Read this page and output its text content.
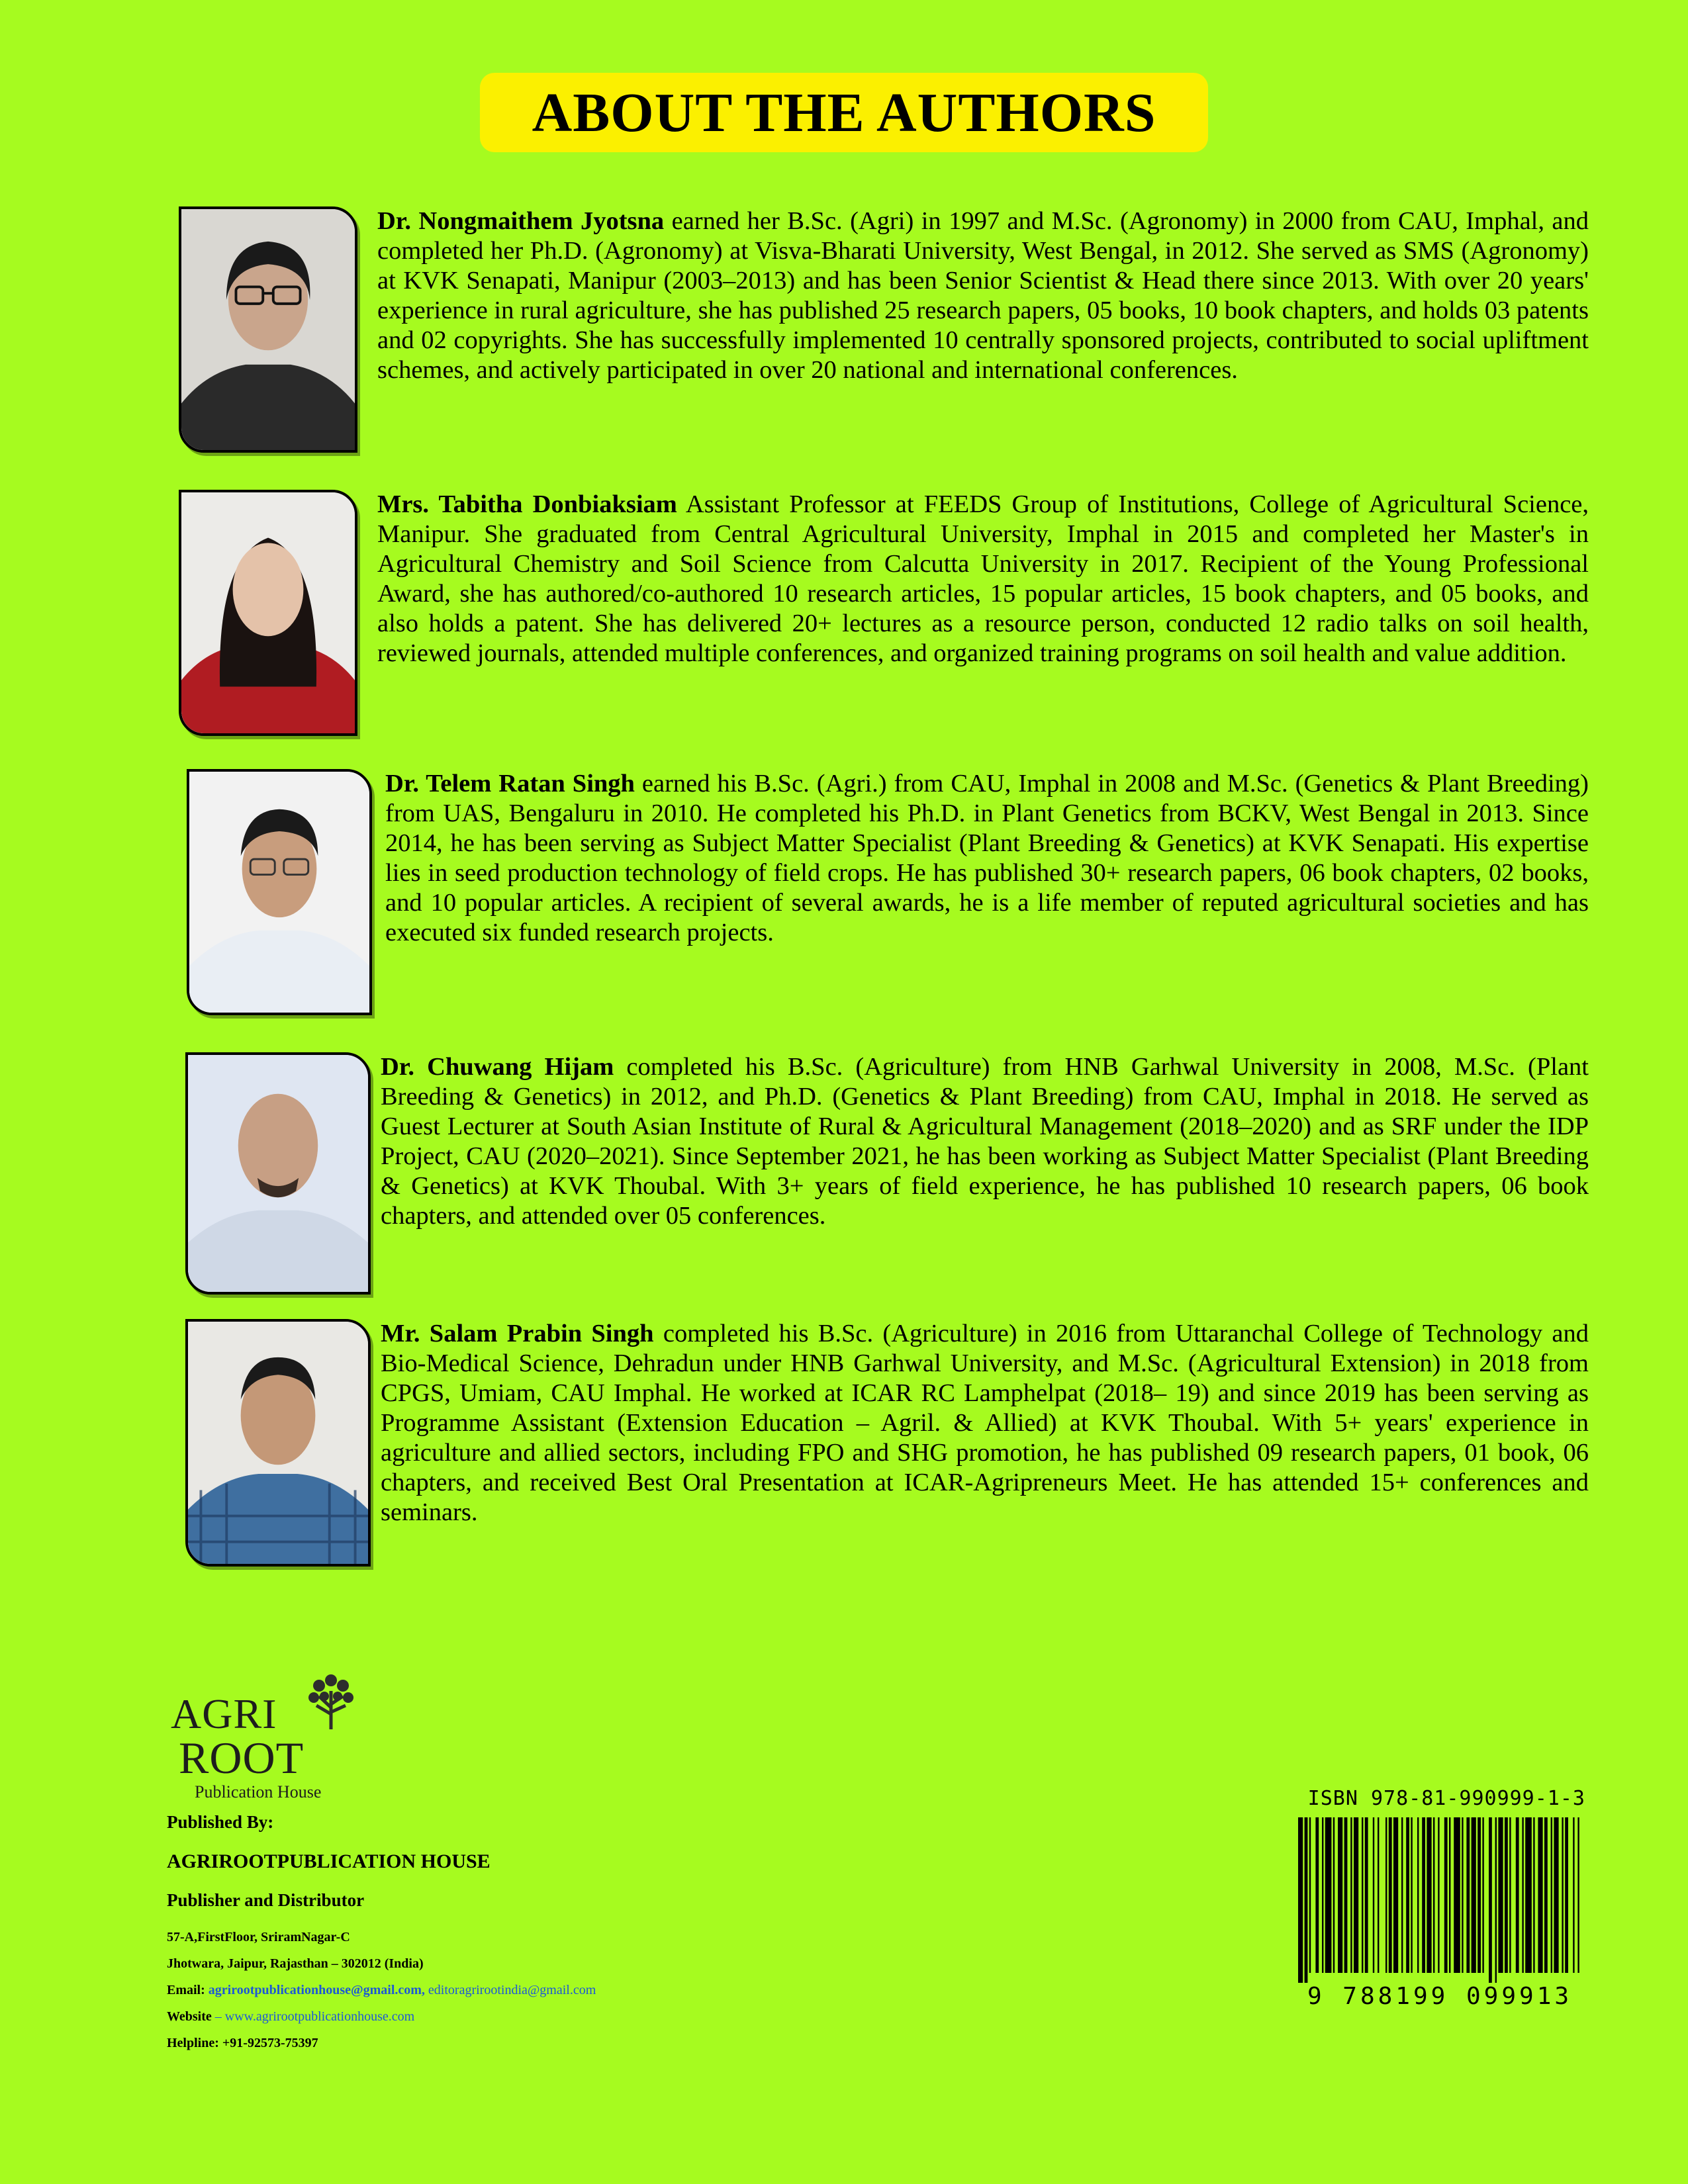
ABOUT THE AUTHORS

Dr. Nongmaithem Jyotsna earned her B.Sc. (Agri) in 1997 and M.Sc. (Agronomy) in 2000 from CAU, Imphal, and completed her Ph.D. (Agronomy) at Visva-Bharati University, West Bengal, in 2012. She served as SMS (Agronomy) at KVK Senapati, Manipur (2003–2013) and has been Senior Scientist & Head there since 2013. With over 20 years' experience in rural agriculture, she has published 25 research papers, 05 books, 10 book chapters, and holds 03 patents and 02 copyrights. She has successfully implemented 10 centrally sponsored projects, contributed to social upliftment schemes, and actively participated in over 20 national and international conferences.

Mrs. Tabitha Donbiaksiam Assistant Professor at FEEDS Group of Institutions, College of Agricultural Science, Manipur. She graduated from Central Agricultural University, Imphal in 2015 and completed her Master's in Agricultural Chemistry and Soil Science from Calcutta University in 2017. Recipient of the Young Professional Award, she has authored/co-authored 10 research articles, 15 popular articles, 15 book chapters, and 05 books, and also holds a patent. She has delivered 20+ lectures as a resource person, conducted 12 radio talks on soil health, reviewed journals, attended multiple conferences, and organized training programs on soil health and value addition.

Dr. Telem Ratan Singh earned his B.Sc. (Agri.) from CAU, Imphal in 2008 and M.Sc. (Genetics & Plant Breeding) from UAS, Bengaluru in 2010. He completed his Ph.D. in Plant Genetics from BCKV, West Bengal in 2013. Since 2014, he has been serving as Subject Matter Specialist (Plant Breeding & Genetics) at KVK Senapati. His expertise lies in seed production technology of field crops. He has published 30+ research papers, 06 book chapters, 02 books, and 10 popular articles. A recipient of several awards, he is a life member of reputed agricultural societies and has executed six funded research projects.

Dr. Chuwang Hijam completed his B.Sc. (Agriculture) from HNB Garhwal University in 2008, M.Sc. (Plant Breeding & Genetics) in 2012, and Ph.D. (Genetics & Plant Breeding) from CAU, Imphal in 2018. He served as Guest Lecturer at South Asian Institute of Rural & Agricultural Management (2018–2020) and as SRF under the IDP Project, CAU (2020–2021). Since September 2021, he has been working as Subject Matter Specialist (Plant Breeding & Genetics) at KVK Thoubal. With 3+ years of field experience, he has published 10 research papers, 06 book chapters, and attended over 05 conferences.

Mr. Salam Prabin Singh completed his B.Sc. (Agriculture) in 2016 from Uttaranchal College of Technology and Bio-Medical Science, Dehradun under HNB Garhwal University, and M.Sc. (Agricultural Extension) in 2018 from CPGS, Umiam, CAU Imphal. He worked at ICAR RC Lamphelpat (2018– 19) and since 2019 has been serving as Programme Assistant (Extension Education – Agril. & Allied) at KVK Thoubal. With 5+ years' experience in agriculture and allied sectors, including FPO and SHG promotion, he has published 09 research papers, 01 book, 06 chapters, and received Best Oral Presentation at ICAR-Agripreneurs Meet. He has attended 15+ conferences and seminars.

AGRI
ROOT
Publication House
Published By:
AGRIROOTPUBLICATION HOUSE
Publisher and Distributor
57-A,FirstFloor, SriramNagar-C
Jhotwara, Jaipur, Rajasthan – 302012 (India)
Email: agrirootpublicationhouse@gmail.com, editoragrirootindia@gmail.com
Website – www.agrirootpublicationhouse.com
Helpline: +91-92573-75397
ISBN 978-81-990999-1-3
9 788199 099913
